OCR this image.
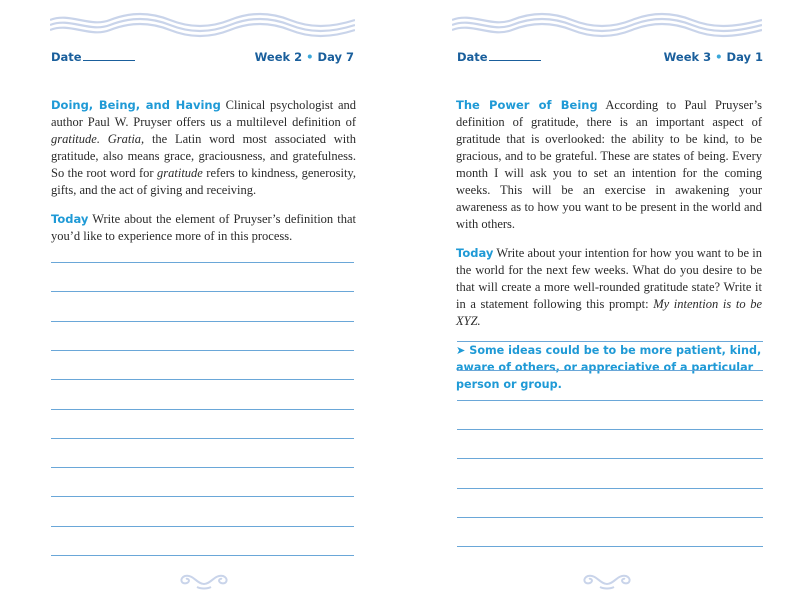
Date	Week 2 • Day 7

Doing, Being, and Having Clinical psychologist and author Paul W. Pruyser offers us a multilevel definition of gratitude. Gratia, the Latin word most associated with gratitude, also means grace, graciousness, and gratefulness. So the root word for gratitude refers to kindness, generosity, gifts, and the act of giving and receiving.

Today Write about the element of Pruyser’s definition that you’d like to experience more of in this process.

Date	Week 3 • Day 1

The Power of Being According to Paul Pruyser’s definition of gratitude, there is an important aspect of gratitude that is overlooked: the ability to be kind, to be gracious, and to be grateful. These are states of being. Every month I will ask you to set an intention for the coming weeks. This will be an exercise in awakening your awareness as to how you want to be present in the world and with others.

Today Write about your intention for how you want to be in the world for the next few weeks. What do you desire to be that will create a more well-rounded gratitude state? Write it in a statement following this prompt: My intention is to be XYZ.

➤ Some ideas could be to be more patient, kind, aware of others, or appreciative of a particular person or group.
